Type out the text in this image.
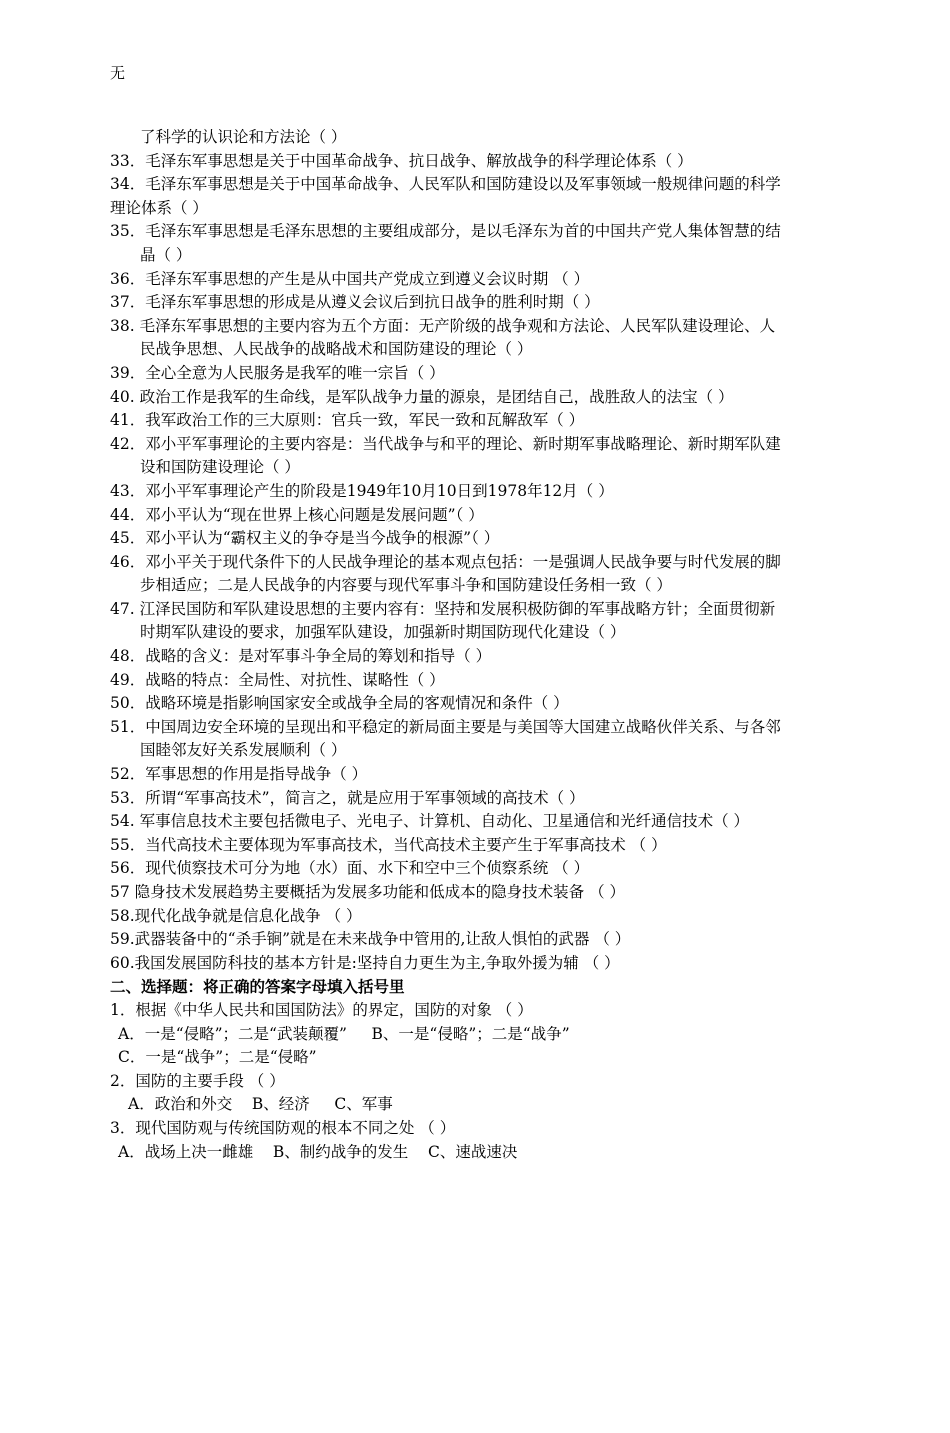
无

了科学的认识论和方法论（ ）

33．毛泽东军事思想是关于中国革命战争、抗日战争、解放战争的科学理论体系（ ）

34．毛泽东军事思想是关于中国革命战争、人民军队和国防建设以及军事领域一般规律问题的科学理论体系（ ）

35．毛泽东军事思想是毛泽东思想的主要组成部分，是以毛泽东为首的中国共产党人集体智慧的结晶（ ）

36．毛泽东军事思想的产生是从中国共产党成立到遵义会议时期 （ ）

37．毛泽东军事思想的形成是从遵义会议后到抗日战争的胜利时期（ ）

38. 毛泽东军事思想的主要内容为五个方面：无产阶级的战争观和方法论、人民军队建设理论、人民战争思想、人民战争的战略战术和国防建设的理论（ ）

39．全心全意为人民服务是我军的唯一宗旨（ ）

40. 政治工作是我军的生命线，是军队战争力量的源泉，是团结自己，战胜敌人的法宝（ ）

41．我军政治工作的三大原则：官兵一致，军民一致和瓦解敌军（ ）

42．邓小平军事理论的主要内容是：当代战争与和平的理论、新时期军事战略理论、新时期军队建设和国防建设理论（ ）

43．邓小平军事理论产生的阶段是1949年10月10日到1978年12月（ ）

44．邓小平认为“现在世界上核心问题是发展问题”（ ）

45．邓小平认为“霸权主义的争夺是当今战争的根源”（ ）

46．邓小平关于现代条件下的人民战争理论的基本观点包括：一是强调人民战争要与时代发展的脚步相适应；二是人民战争的内容要与现代军事斗争和国防建设任务相一致（ ）

47. 江泽民国防和军队建设思想的主要内容有：坚持和发展积极防御的军事战略方针；全面贯彻新时期军队建设的要求，加强军队建设，加强新时期国防现代化建设（ ）

48．战略的含义：是对军事斗争全局的筹划和指导（ ）

49．战略的特点：全局性、对抗性、谋略性（ ）

50．战略环境是指影响国家安全或战争全局的客观情况和条件（ ）

51．中国周边安全环境的呈现出和平稳定的新局面主要是与美国等大国建立战略伙伴关系、与各邻国睦邻友好关系发展顺利（ ）

52．军事思想的作用是指导战争（ ）

53．所谓“军事高技术”，简言之，就是应用于军事领域的高技术（ ）

54. 军事信息技术主要包括微电子、光电子、计算机、自动化、卫星通信和光纤通信技术（ ）

55．当代高技术主要体现为军事高技术，当代高技术主要产生于军事高技术 （ ）

56．现代侦察技术可分为地（水）面、水下和空中三个侦察系统 （ ）

57 隐身技术发展趋势主要概括为发展多功能和低成本的隐身技术装备 （ ）

58.现代化战争就是信息化战争 （ ）

59.武器装备中的“杀手锏”就是在未来战争中管用的,让敌人惧怕的武器 （ ）

60.我国发展国防科技的基本方针是:坚持自力更生为主,争取外援为辅 （ ）

二、选择题：将正确的答案字母填入括号里

1．根据《中华人民共和国国防法》的界定，国防的对象 （ ）

A．一是“侵略”；二是“武装颠覆”     B、一是“侵略”；二是“战争”

C．一是“战争”；二是“侵略”

2．国防的主要手段 （ ）

A．政治和外交    B、经济     C、军事

3．现代国防观与传统国防观的根本不同之处 （ ）

A．战场上决一雌雄    B、制约战争的发生    C、速战速决
